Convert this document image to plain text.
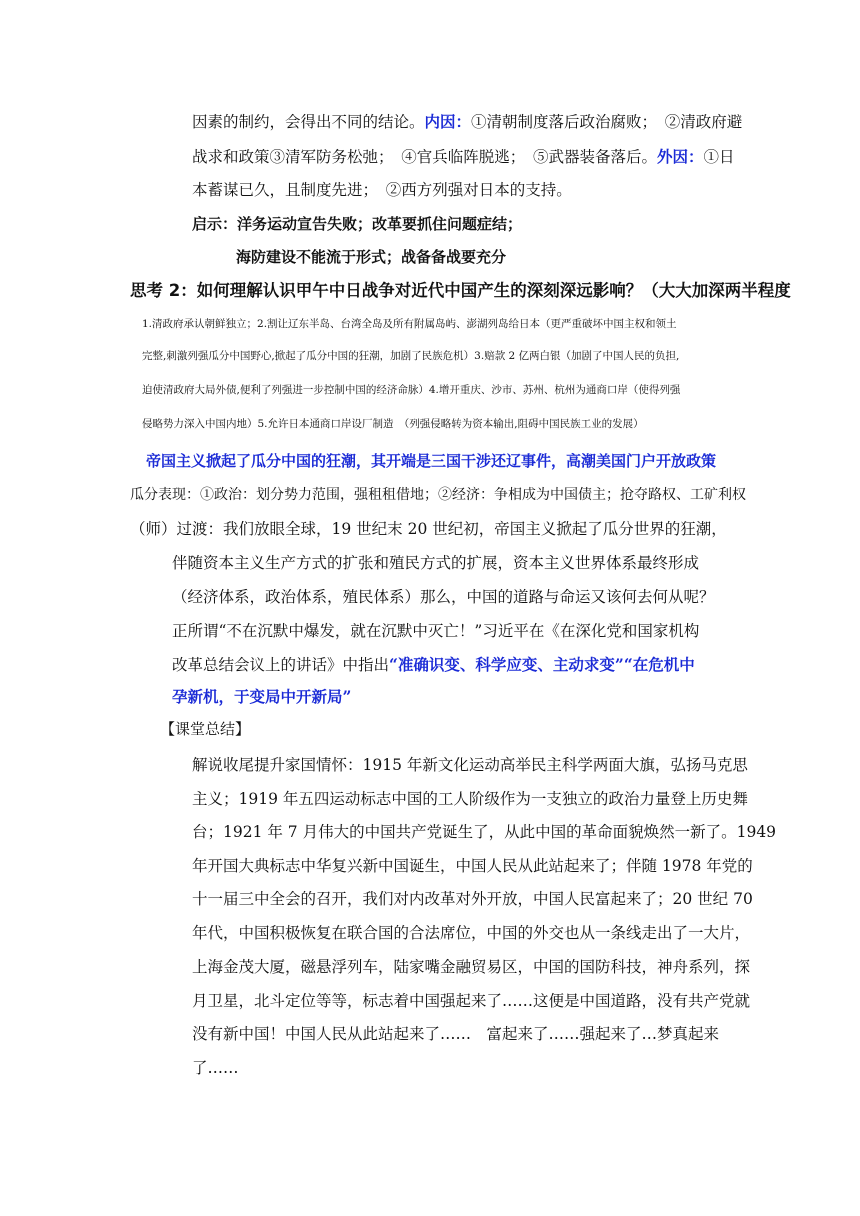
因素的制约，会得出不同的结论。内因：①清朝制度落后政治腐败；　②清政府避
战求和政策③清军防务松弛；　④官兵临阵脱逃；　⑤武器装备落后。外因：①日
本蓄谋已久，且制度先进；　②西方列强对日本的支持。
启示：洋务运动宣告失败；改革要抓住问题症结；
海防建设不能流于形式；战备备战要充分
思考 2：如何理解认识甲午中日战争对近代中国产生的深刻深远影响？（大大加深两半程度
1.清政府承认朝鲜独立；2.割让辽东半岛、台湾全岛及所有附属岛屿、澎湖列岛给日本（更严重破坏中国主权和领土
完整,刺激列强瓜分中国野心,掀起了瓜分中国的狂潮，加剧了民族危机）3.赔款 2 亿两白银（加剧了中国人民的负担,
迫使清政府大局外债,便利了列强进一步控制中国的经济命脉）4.增开重庆、沙市、苏州、杭州为通商口岸（使得列强
侵略势力深入中国内地）5.允许日本通商口岸设厂制造　（列强侵略转为资本输出,阻碍中国民族工业的发展）
帝国主义掀起了瓜分中国的狂潮，其开端是三国干涉还辽事件，高潮美国门户开放政策
瓜分表现：①政治：划分势力范围，强租租借地；②经济：争相成为中国债主；抢夺路权、工矿利权
（师）过渡：我们放眼全球，19 世纪末 20 世纪初，帝国主义掀起了瓜分世界的狂潮，
伴随资本主义生产方式的扩张和殖民方式的扩展，资本主义世界体系最终形成
（经济体系，政治体系，殖民体系）那么，中国的道路与命运又该何去何从呢？
正所谓“不在沉默中爆发，就在沉默中灭亡！”习近平在《在深化党和国家机构
改革总结会议上的讲话》中指出“准确识变、科学应变、主动求变”“在危机中
孕新机，于变局中开新局”
【课堂总结】
解说收尾提升家国情怀：1915 年新文化运动高举民主科学两面大旗，弘扬马克思
主义；1919 年五四运动标志中国的工人阶级作为一支独立的政治力量登上历史舞
台；1921 年 7 月伟大的中国共产党诞生了，从此中国的革命面貌焕然一新了。1949
年开国大典标志中华复兴新中国诞生，中国人民从此站起来了；伴随 1978 年党的
十一届三中全会的召开，我们对内改革对外开放，中国人民富起来了；20 世纪 70
年代，中国积极恢复在联合国的合法席位，中国的外交也从一条线走出了一大片，
上海金茂大厦，磁悬浮列车，陆家嘴金融贸易区，中国的国防科技，神舟系列，探
月卫星，北斗定位等等，标志着中国强起来了……这便是中国道路，没有共产党就
没有新中国！中国人民从此站起来了……　富起来了……强起来了…梦真起来
了……
